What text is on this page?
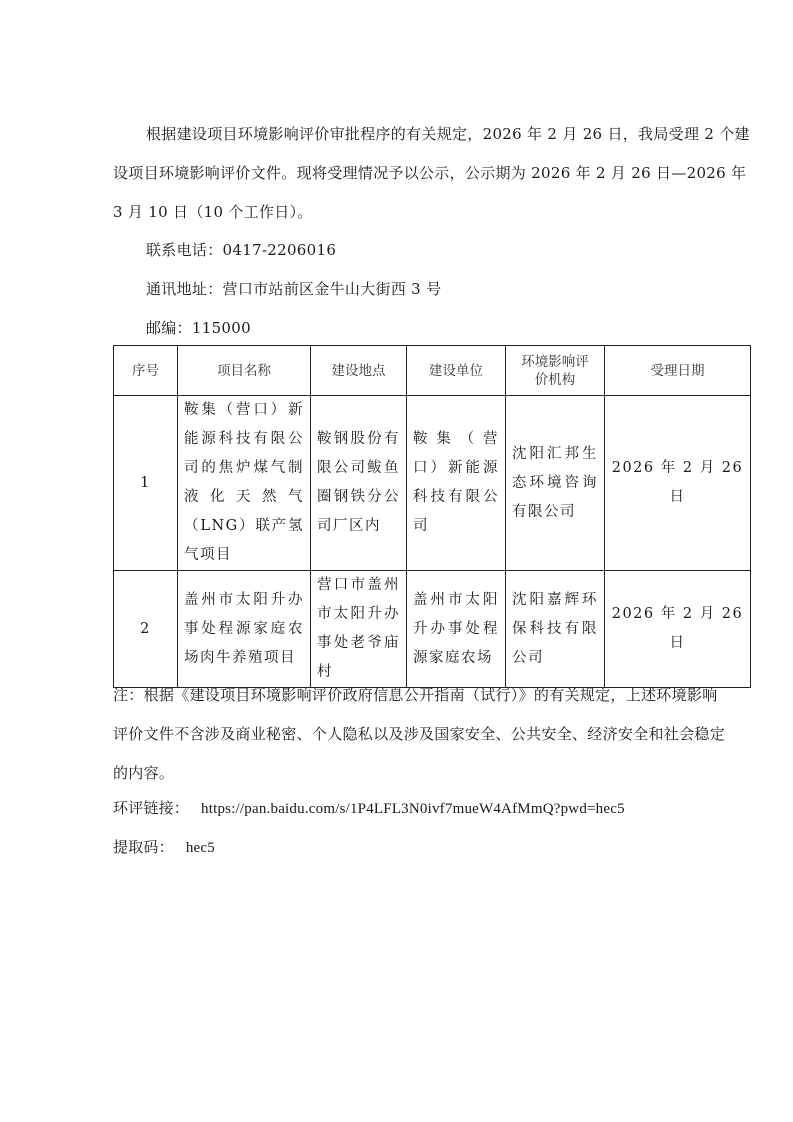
根据建设项目环境影响评价审批程序的有关规定，2026 年 2 月 26 日，我局受理 2 个建设项目环境影响评价文件。现将受理情况予以公示，公示期为 2026 年 2 月 26 日—2026 年 3 月 10 日（10 个工作日）。

联系电话：0417-2206016

通讯地址：营口市站前区金牛山大街西 3 号

邮编：115000

序号	项目名称	建设地点	建设单位	环境影响评价机构	受理日期
1	鞍集（营口）新能源科技有限公司的焦炉煤气制液化天然气（LNG）联产氢气项目	鞍钢股份有限公司鲅鱼圈钢铁分公司厂区内	鞍集（营口）新能源科技有限公司	沈阳汇邦生态环境咨询有限公司	2026 年 2 月 26 日
2	盖州市太阳升办事处程源家庭农场肉牛养殖项目	营口市盖州市太阳升办事处老爷庙村	盖州市太阳升办事处程源家庭农场	沈阳嘉辉环保科技有限公司	2026 年 2 月 26 日

注：根据《建设项目环境影响评价政府信息公开指南（试行）》的有关规定，上述环境影响评价文件不含涉及商业秘密、个人隐私以及涉及国家安全、公共安全、经济安全和社会稳定的内容。

环评链接： https://pan.baidu.com/s/1P4LFL3N0ivf7mueW4AfMmQ?pwd=hec5

提取码： hec5
